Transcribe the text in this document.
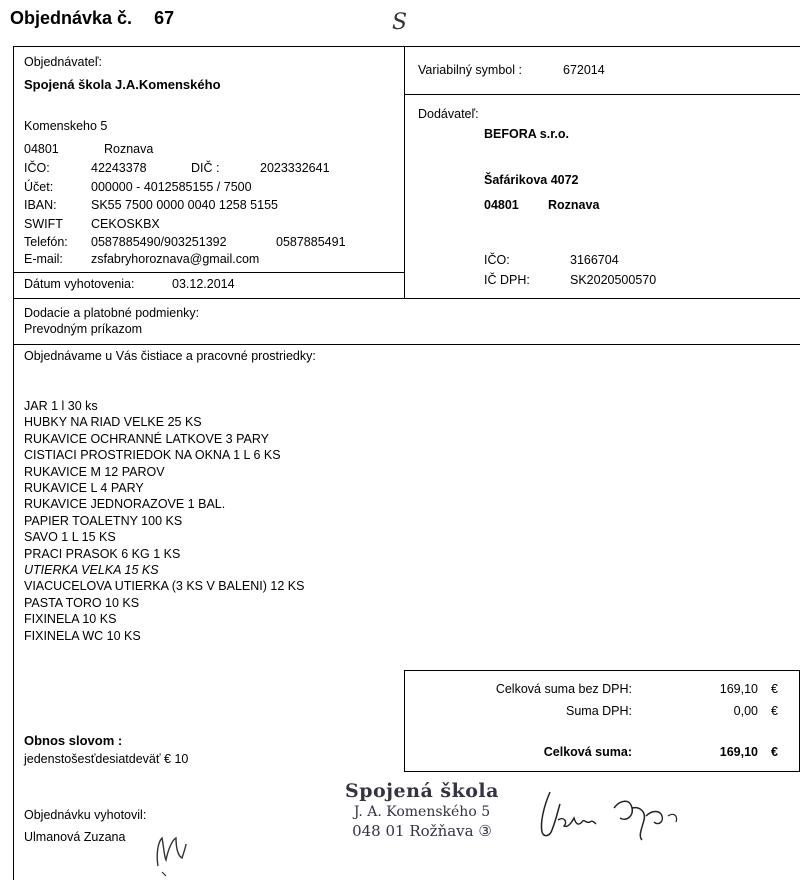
Objednávka č. 67	S
Objednávateľ:
Spojená škola J.A.Komenského
Komenskeho 5
04801	Roznava
IČO:	42243378	DIČ :	2023332641
Účet:	000000 - 4012585155 / 7500
IBAN:	SK55 7500 0000 0040 1258 5155
SWIFT CEKOSKBX
Telefón: 0587885490/903251392	0587885491
E-mail: zsfabryhoroznava@gmail.com
Dátum vyhotovenia:	03.12.2014
Variabilný symbol :	672014
Dodávateľ:
BEFORA s.r.o.
Šafárikova 4072
04801 Roznava
IČO:	3166704
IČ DPH:	SK2020500570
Dodacie a platobné podmienky:
Prevodným príkazom
Objednávame u Vás čistiace a pracovné prostriedky:
JAR 1 l 30 ks
HUBKY NA RIAD VELKE 25 KS
RUKAVICE OCHRANNÉ LATKOVE 3 PARY
CISTIACI PROSTRIEDOK NA OKNA 1 L 6 KS
RUKAVICE M 12 PAROV
RUKAVICE L 4 PARY
RUKAVICE JEDNORAZOVE 1 BAL.
PAPIER TOALETNY 100 KS
SAVO 1 L 15 KS
PRACI PRASOK 6 KG 1 KS
UTIERKA VELKA 15 KS
VIACUCELOVA UTIERKA (3 KS V BALENI) 12 KS
PASTA TORO 10 KS
FIXINELA 10 KS
FIXINELA WC 10 KS
Celková suma bez DPH:	169,10 €
Suma DPH:	0,00 €
Celková suma:	169,10 €
Obnos slovom :
jedenstošesťdesiatdeväť € 10
Objednávku vyhotovil:
Ulmanová Zuzana
Spojená škola
J. A. Komenského 5
048 01 Rožňava ③
